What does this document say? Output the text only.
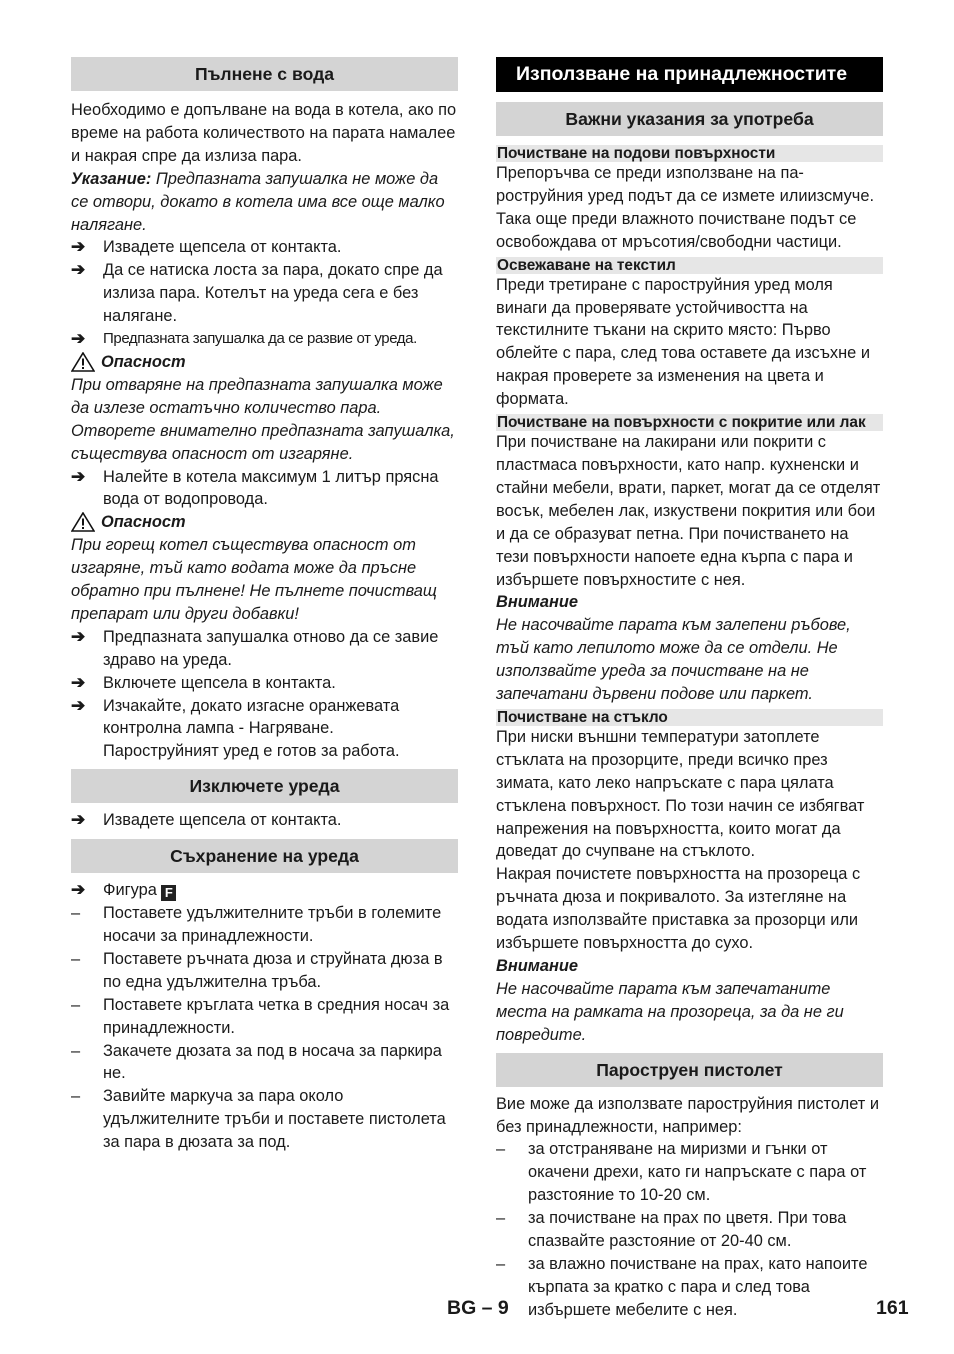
Пълнене с вода

Необходимо е допълване на вода в котела, ако по време на работа количеството на парата намалее и накрая спре да излиза пара.

Указание: Предпазната запушалка не може да се отвори, докато в котела има все още малко налягане.

➔	Извадете щепсела от контакта.
➔	Да се натиска лоста за пара, докато спре да излиза пара. Котелът на уреда сега е без налягане.
➔	Предпазната запушалка да се развие от уреда.
Опасност

При отваряне на предпазната запушалка може да излезе остатъчно количество пара. Отворете внимателно предпазната запушалка, съществува опасност от изгаряне.

➔	Налейте в котела максимум 1 литър прясна вода от водопровода.
Опасност

При горещ котел съществува опасност от изгаряне, тъй като водата може да пръсне обратно при пълнене! Не пълнете почистващ препарат или други добавки!

➔	Предпазната запушалка отново да се завие здраво на уреда.
➔	Включете щепсела в контакта.
➔	Изчакайте, докато изгасне оранжевата контролна лампа - Нагряване.
Пароструйният уред е готов за работа.
Изключете уреда
➔	Извадете щепсела от контакта.
Съхранение на уреда
➔	Фигура F
–	Поставете удължителните тръби в големите носачи за принадлежности.
–	Поставете ръчната дюза и струйната дюза в по една удължителна тръба.
–	Поставете кръглата четка в средния носач за принадлежности.
–	Закачете дюзата за под в носача за паркира не.
–	Завийте маркуча за пара около удължителните тръби и поставете пистолета за пара в дюзата за под.
Използване на принадлежностите
Важни указания за употреба
Почистване на подови повърхности

Препоръчва се преди използване на па-роструйния уред подът да се измете илиизсмуче. Така още преди влажното почистване подът се освобождава от мръсотия/свободни частици.

Освежаване на текстил

Преди третиране с пароструйния уред моля винаги да проверявате устойчивостта на текстилните тъкани на скрито място: Първо облейте с пара, след това оставете да изсъхне и накрая проверете за изменения на цвета и формата.

Почистване на повърхности с покритие или лак

При почистване на лакирани или покрити с пластмаса повърхности, като напр. кухненски и стайни мебели, врати, паркет, могат да се отделят восък, мебелен лак, изкуствени покрития или бои и да се образуват петна. При почистването на тези повърхности напоете една кърпа с пара и избършете повърхностите с нея.

Внимание

Не насочвайте парата към залепени ръбове, тъй като лепилото може да се отдели. Не използвайте уреда за почистване на не запечатани дървени подове или паркет.

Почистване на стъкло

При ниски външни температури затоплете стъклата на прозорците, преди всичко през зимата, като леко напръскате с пара цялата стъклена повърхност. По този начин се избягват напрежения на повърхността, които могат да доведат до счупване на стъклото.

Накрая почистете повърхността на прозореца с ръчната дюза и покривалото. За изтегляне на водата използвайте приставка за прозорци или избършете повърхността до сухо.

Внимание

Не насочвайте парата към запечатаните места на рамката на прозореца, за да не ги повредите.

Пароструен пистолет

Вие може да използвате пароструйния пистолет и без принадлежности, например:

–	за отстраняване на миризми и гънки от окачени дрехи, като ги напръскате с пара от разстояние то 10-20 см.
–	за почистване на прах по цветя. При това спазвайте разстояние от 20-40 см.
–	за влажно почистване на прах, като напоите кърпата за кратко с пара и след това избършете мебелите с нея.
BG – 9	161
